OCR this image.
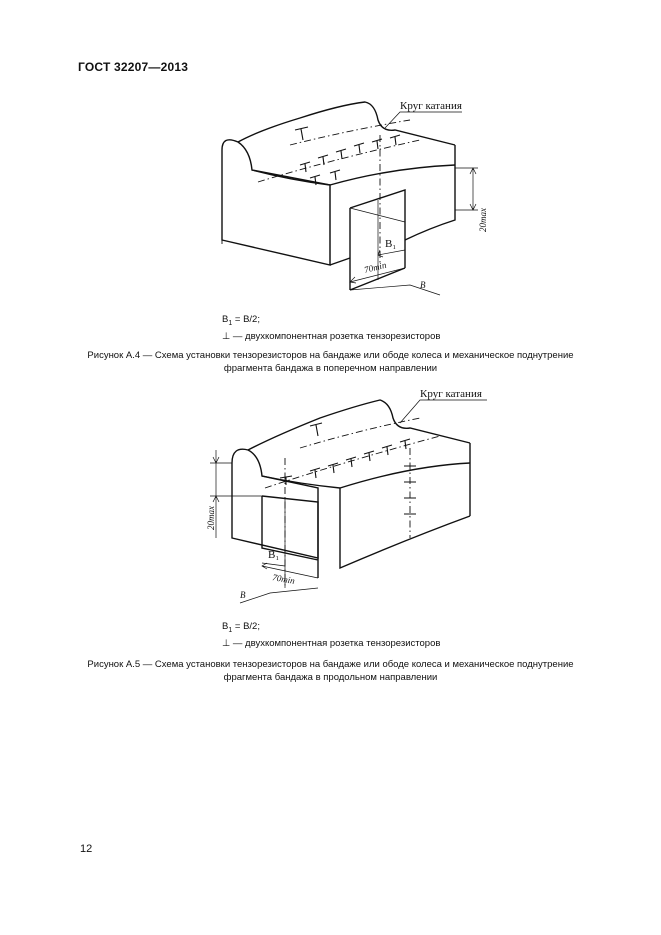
ГОСТ 32207—2013
Круг катания
20max
B₁
70min
B
$B_1 = B/2$;
⊥ — двухкомпонентная розетка тензорезисторов
Рисунок А.4 — Схема установки тензорезисторов на бандаже или ободе колеса и механическое поднутрение
фрагмента бандажа в поперечном направлении
Круг катания
20max
B₁
70min
B
$B_1 = B/2$;
⊥ — двухкомпонентная розетка тензорезисторов
Рисунок А.5 — Схема установки тензорезисторов на бандаже или ободе колеса и механическое поднутрение
фрагмента бандажа в продольном направлении
12
